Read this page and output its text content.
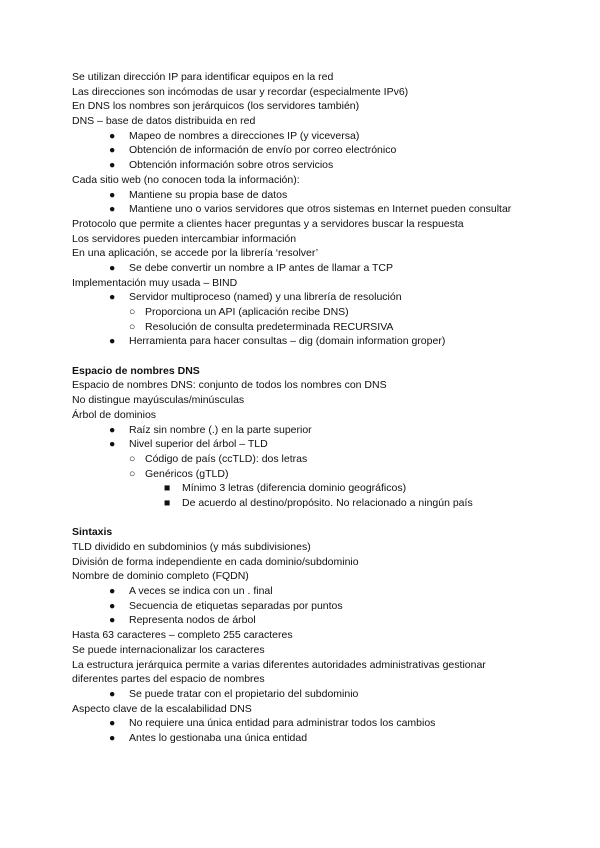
Se utilizan dirección IP para identificar equipos en la red
Las direcciones son incómodas de usar y recordar (especialmente IPv6)
En DNS los nombres son jerárquicos (los servidores también)
DNS – base de datos distribuida en red
● Mapeo de nombres a direcciones IP (y viceversa)
● Obtención de información de envío por correo electrónico
● Obtención información sobre otros servicios
Cada sitio web (no conocen toda la información):
● Mantiene su propia base de datos
● Mantiene uno o varios servidores que otros sistemas en Internet pueden consultar
Protocolo que permite a clientes hacer preguntas y a servidores buscar la respuesta
Los servidores pueden intercambiar información
En una aplicación, se accede por la librería ‘resolver’
● Se debe convertir un nombre a IP antes de llamar a TCP
Implementación muy usada – BIND
● Servidor multiproceso (named) y una librería de resolución
○ Proporciona un API (aplicación recibe DNS)
○ Resolución de consulta predeterminada RECURSIVA
● Herramienta para hacer consultas – dig (domain information groper)
Espacio de nombres DNS
Espacio de nombres DNS: conjunto de todos los nombres con DNS
No distingue mayúsculas/minúsculas
Árbol de dominios
● Raíz sin nombre (.) en la parte superior
● Nivel superior del árbol – TLD
○ Código de país (ccTLD): dos letras
○ Genéricos (gTLD)
■ Mínimo 3 letras (diferencia dominio geográficos)
■ De acuerdo al destino/propósito. No relacionado a ningún país
Sintaxis
TLD dividido en subdominios (y más subdivisiones)
División de forma independiente en cada dominio/subdominio
Nombre de dominio completo (FQDN)
● A veces se indica con un . final
● Secuencia de etiquetas separadas por puntos
● Representa nodos de árbol
Hasta 63 caracteres – completo 255 caracteres
Se puede internacionalizar los caracteres
La estructura jerárquica permite a varias diferentes autoridades administrativas gestionar
diferentes partes del espacio de nombres
● Se puede tratar con el propietario del subdominio
Aspecto clave de la escalabilidad DNS
● No requiere una única entidad para administrar todos los cambios
● Antes lo gestionaba una única entidad
